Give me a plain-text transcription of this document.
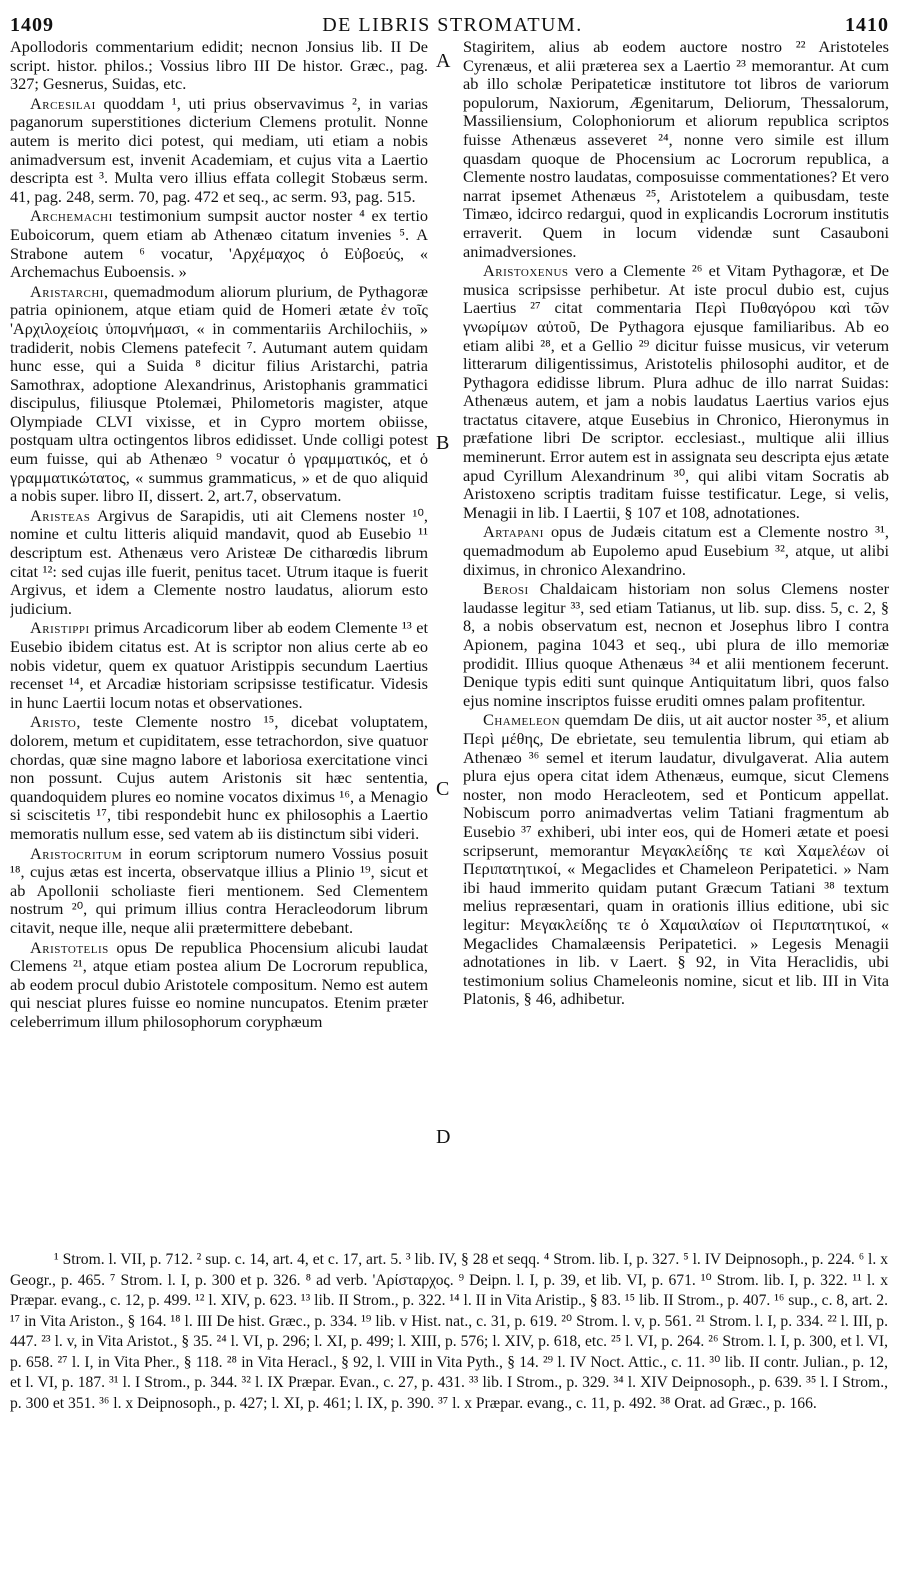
1409	DE LIBRIS STROMATUM.	1410

Apollodoris commentarium edidit; necnon Jonsius lib. II De script. histor. philos.; Vossius libro III De histor. Græc., pag. 327; Gesnerus, Suidas, etc.

Arcesilai quoddam ¹, uti prius observavimus ², in varias paganorum superstitiones dicterium Clemens protulit. Nonne autem is merito dici potest, qui mediam, uti etiam a nobis animadversum est, invenit Academiam, et cujus vita a Laertio descripta est ³. Multa vero illius effata collegit Stobæus serm. 41, pag. 248, serm. 70, pag. 472 et seq., ac serm. 93, pag. 515.

Archemachi testimonium sumpsit auctor noster ⁴ ex tertio Euboicorum, quem etiam ab Athenæo citatum invenies ⁵. A Strabone autem ⁶ vocatur, 'Αρχέμαχος ὁ Εὐβοεύς, « Archemachus Euboensis. »

Aristarchi, quemadmodum aliorum plurium, de Pythagoræ patria opinionem, atque etiam quid de Homeri ætate ἐν τοῖς 'Αρχιλοχείοις ὑπομνήμασι, « in commentariis Archilochiis, » tradiderit, nobis Clemens patefecit ⁷. Autumant autem quidam hunc esse, qui a Suida ⁸ dicitur filius Aristarchi, patria Samothrax, adoptione Alexandrinus, Aristophanis grammatici discipulus, filiusque Ptolemæi, Philometoris magister, atque Olympiade CLVI vixisse, et in Cypro mortem obiisse, postquam ultra octingentos libros edidisset. Unde colligi potest eum fuisse, qui ab Athenæo ⁹ vocatur ὁ γραμματικός, et ὁ γραμματικώτατος, « summus grammaticus, » et de quo aliquid a nobis super. libro II, dissert. 2, art.7, observatum.

Aristeas Argivus de Sarapidis, uti ait Clemens noster ¹⁰, nomine et cultu litteris aliquid mandavit, quod ab Eusebio ¹¹ descriptum est. Athenæus vero Aristeæ De citharœdis librum citat ¹²: sed cujas ille fuerit, penitus tacet. Utrum itaque is fuerit Argivus, et idem a Clemente nostro laudatus, aliorum esto judicium.

Aristippi primus Arcadicorum liber ab eodem Clemente ¹³ et Eusebio ibidem citatus est. At is scriptor non alius certe ab eo nobis videtur, quem ex quatuor Aristippis secundum Laertius recenset ¹⁴, et Arcadiæ historiam scripsisse testificatur. Videsis in hunc Laertii locum notas et observationes.

Aristo, teste Clemente nostro ¹⁵, dicebat voluptatem, dolorem, metum et cupiditatem, esse tetrachordon, sive quatuor chordas, quæ sine magno labore et laboriosa exercitatione vinci non possunt. Cujus autem Aristonis sit hæc sententia, quandoquidem plures eo nomine vocatos diximus ¹⁶, a Menagio si sciscitetis ¹⁷, tibi respondebit hunc ex philosophis a Laertio memoratis nullum esse, sed vatem ab iis distinctum sibi videri.

Aristocritum in eorum scriptorum numero Vossius posuit ¹⁸, cujus ætas est incerta, observatque illius a Plinio ¹⁹, sicut et ab Apollonii scholiaste fieri mentionem. Sed Clementem nostrum ²⁰, qui primum illius contra Heracleodorum librum citavit, neque ille, neque alii prætermittere debebant.

Aristotelis opus De republica Phocensium alicubi laudat Clemens ²¹, atque etiam postea alium De Locrorum republica, ab eodem procul dubio Aristotele compositum. Nemo est autem qui nesciat plures fuisse eo nomine nuncupatos. Etenim præter celeberrimum illum philosophorum coryphæum

A
B
C
D

Stagiritem, alius ab eodem auctore nostro ²² Aristoteles Cyrenæus, et alii præterea sex a Laertio ²³ memorantur. At cum ab illo scholæ Peripateticæ institutore tot libros de variorum populorum, Naxiorum, Ægenitarum, Deliorum, Thessalorum, Massiliensium, Colophoniorum et aliorum republica scriptos fuisse Athenæus asseveret ²⁴, nonne vero simile est illum quasdam quoque de Phocensium ac Locrorum republica, a Clemente nostro laudatas, composuisse commentationes? Et vero narrat ipsemet Athenæus ²⁵, Aristotelem a quibusdam, teste Timæo, idcirco redargui, quod in explicandis Locrorum institutis erraverit. Quem in locum videndæ sunt Casauboni animadversiones.

Aristoxenus vero a Clemente ²⁶ et Vitam Pythagoræ, et De musica scripsisse perhibetur. At iste procul dubio est, cujus Laertius ²⁷ citat commentaria Περὶ Πυθαγόρου καὶ τῶν γνωρίμων αὐτοῦ, De Pythagora ejusque familiaribus. Ab eo etiam alibi ²⁸, et a Gellio ²⁹ dicitur fuisse musicus, vir veterum litterarum diligentissimus, Aristotelis philosophi auditor, et de Pythagora edidisse librum. Plura adhuc de illo narrat Suidas: Athenæus autem, et jam a nobis laudatus Laertius varios ejus tractatus citavere, atque Eusebius in Chronico, Hieronymus in præfatione libri De scriptor. ecclesiast., multique alii illius meminerunt. Error autem est in assignata seu descripta ejus ætate apud Cyrillum Alexandrinum ³⁰, qui alibi vitam Socratis ab Aristoxeno scriptis traditam fuisse testificatur. Lege, si velis, Menagii in lib. I Laertii, § 107 et 108, adnotationes.

Artapani opus de Judæis citatum est a Clemente nostro ³¹, quemadmodum ab Eupolemo apud Eusebium ³², atque, ut alibi diximus, in chronico Alexandrino.

Berosi Chaldaicam historiam non solus Clemens noster laudasse legitur ³³, sed etiam Tatianus, ut lib. sup. diss. 5, c. 2, § 8, a nobis observatum est, necnon et Josephus libro I contra Apionem, pagina 1043 et seq., ubi plura de illo memoriæ prodidit. Illius quoque Athenæus ³⁴ et alii mentionem fecerunt. Denique typis editi sunt quinque Antiquitatum libri, quos falso ejus nomine inscriptos fuisse eruditi omnes palam profitentur.

Chameleon quemdam De diis, ut ait auctor noster ³⁵, et alium Περὶ μέθης, De ebrietate, seu temulentia librum, qui etiam ab Athenæo ³⁶ semel et iterum laudatur, divulgaverat. Alia autem plura ejus opera citat idem Athenæus, eumque, sicut Clemens noster, non modo Heracleotem, sed et Ponticum appellat. Nobiscum porro animadvertas velim Tatiani fragmentum ab Eusebio ³⁷ exhiberi, ubi inter eos, qui de Homeri ætate et poesi scripserunt, memorantur Μεγακλείδης τε καὶ Χαμελέων οἱ Περιπατητικοί, « Megaclides et Chameleon Peripatetici. » Nam ibi haud immerito quidam putant Græcum Tatiani ³⁸ textum melius repræsentari, quam in orationis illius editione, ubi sic legitur: Μεγακλείδης τε ὁ Χαμαιλαίων οἱ Περιπατητικοί, « Megaclides Chamalæensis Peripatetici. » Legesis Menagii adnotationes in lib. v Laert. § 92, in Vita Heraclidis, ubi testimonium solius Chameleonis nomine, sicut et lib. III in Vita Platonis, § 46, adhibetur.

¹ Strom. l. VII, p. 712. ² sup. c. 14, art. 4, et c. 17, art. 5. ³ lib. IV, § 28 et seqq. ⁴ Strom. lib. I, p. 327. ⁵ l. IV Deipnosoph., p. 224. ⁶ l. x Geogr., p. 465. ⁷ Strom. l. I, p. 300 et p. 326. ⁸ ad verb. 'Αρίσταρχος. ⁹ Deipn. l. I, p. 39, et lib. VI, p. 671. ¹⁰ Strom. lib. I, p. 322. ¹¹ l. x Præpar. evang., c. 12, p. 499. ¹² l. XIV, p. 623. ¹³ lib. II Strom., p. 322. ¹⁴ l. II in Vita Aristip., § 83. ¹⁵ lib. II Strom., p. 407. ¹⁶ sup., c. 8, art. 2. ¹⁷ in Vita Ariston., § 164. ¹⁸ l. III De hist. Græc., p. 334. ¹⁹ lib. v Hist. nat., c. 31, p. 619. ²⁰ Strom. l. v, p. 561. ²¹ Strom. l. I, p. 334. ²² l. III, p. 447. ²³ l. v, in Vita Aristot., § 35. ²⁴ l. VI, p. 296; l. XI, p. 499; l. XIII, p. 576; l. XIV, p. 618, etc. ²⁵ l. VI, p. 264. ²⁶ Strom. l. I, p. 300, et l. VI, p. 658. ²⁷ l. I, in Vita Pher., § 118. ²⁸ in Vita Heracl., § 92, l. VIII in Vita Pyth., § 14. ²⁹ l. IV Noct. Attic., c. 11. ³⁰ lib. II contr. Julian., p. 12, et l. VI, p. 187. ³¹ l. I Strom., p. 344. ³² l. IX Præpar. Evan., c. 27, p. 431. ³³ lib. I Strom., p. 329. ³⁴ l. XIV Deipnosoph., p. 639. ³⁵ l. I Strom., p. 300 et 351. ³⁶ l. x Deipnosoph., p. 427; l. XI, p. 461; l. IX, p. 390. ³⁷ l. x Præpar. evang., c. 11, p. 492. ³⁸ Orat. ad Græc., p. 166.
